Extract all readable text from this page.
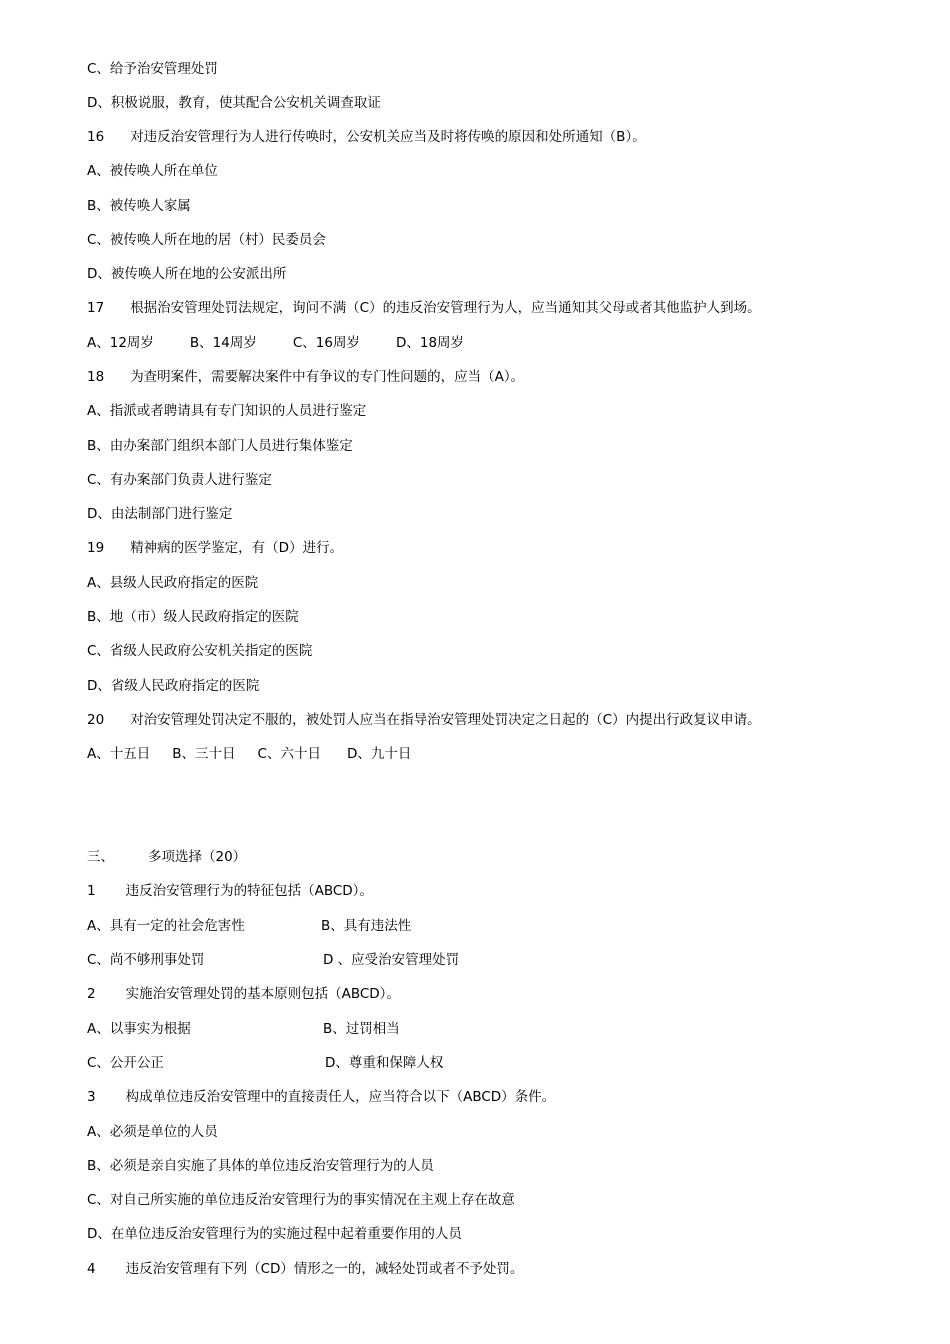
C、给予治安管理处罚
D、积极说服，教育，使其配合公安机关调查取证
16 对违反治安管理行为人进行传唤时，公安机关应当及时将传唤的原因和处所通知（B）。
A、被传唤人所在单位
B、被传唤人家属
C、被传唤人所在地的居（村）民委员会
D、被传唤人所在地的公安派出所
17 根据治安管理处罚法规定，询问不满（C）的违反治安管理行为人，应当通知其父母或者其他监护人到场。
A、12周岁	B、14周岁	C、16周岁	D、18周岁
18 为查明案件，需要解决案件中有争议的专门性问题的，应当（A）。
A、指派或者聘请具有专门知识的人员进行鉴定
B、由办案部门组织本部门人员进行集体鉴定
C、有办案部门负责人进行鉴定
D、由法制部门进行鉴定
19 精神病的医学鉴定，有（D）进行。
A、县级人民政府指定的医院
B、地（市）级人民政府指定的医院
C、省级人民政府公安机关指定的医院
D、省级人民政府指定的医院
20 对治安管理处罚决定不服的，被处罚人应当在指导治安管理处罚决定之日起的（C）内提出行政复议申请。
A、十五日 B、三十日 C、六十日 D、九十日
三、	多项选择（20）
1 违反治安管理行为的特征包括（ABCD）。
A、具有一定的社会危害性	B、具有违法性
C、尚不够刑事处罚	D 、应受治安管理处罚
2 实施治安管理处罚的基本原则包括（ABCD）。
A、以事实为根据	B、过罚相当
C、公开公正	D、尊重和保障人权
3 构成单位违反治安管理中的直接责任人，应当符合以下（ABCD）条件。
A、必须是单位的人员
B、必须是亲自实施了具体的单位违反治安管理行为的人员
C、对自己所实施的单位违反治安管理行为的事实情况在主观上存在故意
D、在单位违反治安管理行为的实施过程中起着重要作用的人员
4 违反治安管理有下列（CD）情形之一的，减轻处罚或者不予处罚。
